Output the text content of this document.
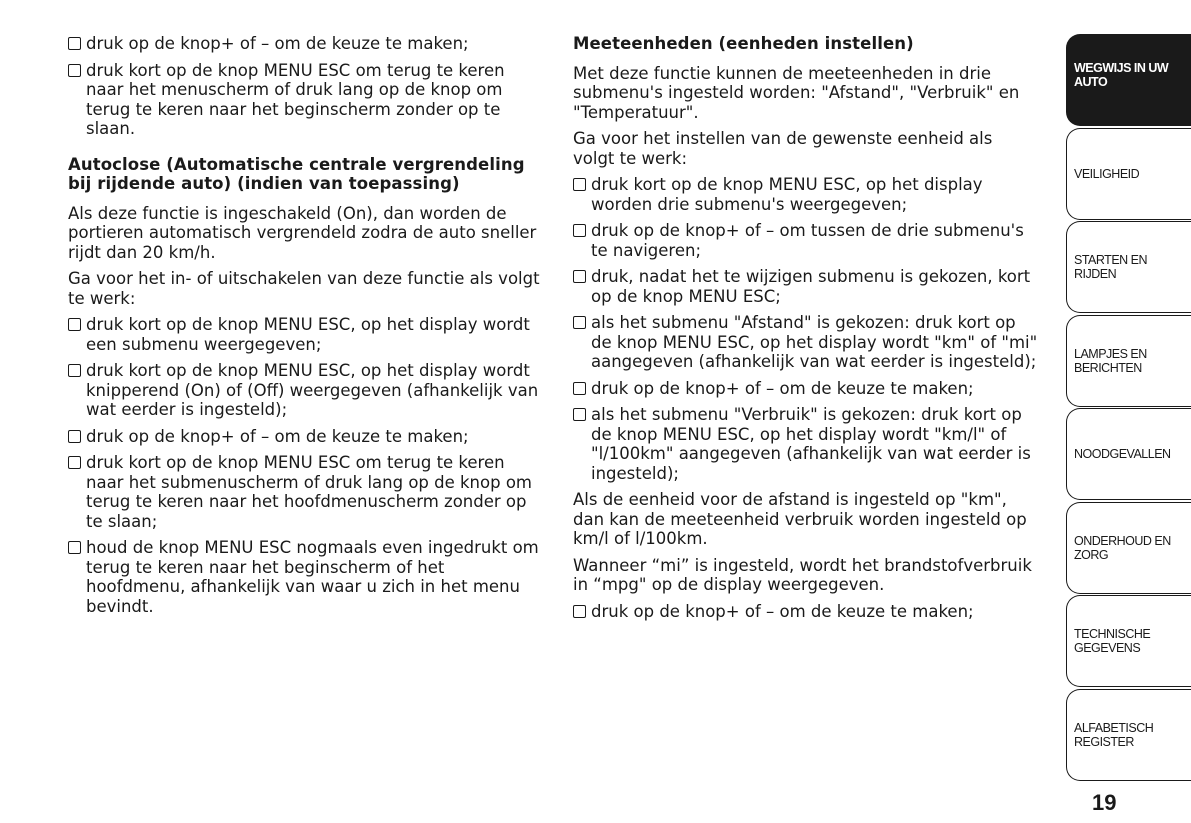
druk op de knop+ of – om de keuze te maken;
druk kort op de knop MENU ESC om terug te keren naar het menuscherm of druk lang op de knop om terug te keren naar het beginscherm zonder op te slaan.
Autoclose (Automatische centrale vergrendeling bij rijdende auto) (indien van toepassing)
Als deze functie is ingeschakeld (On), dan worden de portieren automatisch vergrendeld zodra de auto sneller rijdt dan 20 km/h.
Ga voor het in- of uitschakelen van deze functie als volgt te werk:
druk kort op de knop MENU ESC, op het display wordt een submenu weergegeven;
druk kort op de knop MENU ESC, op het display wordt knipperend (On) of (Off) weergegeven (afhankelijk van wat eerder is ingesteld);
druk op de knop+ of – om de keuze te maken;
druk kort op de knop MENU ESC om terug te keren naar het submenuscherm of druk lang op de knop om terug te keren naar het hoofdmenuscherm zonder op te slaan;
houd de knop MENU ESC nogmaals even ingedrukt om terug te keren naar het beginscherm of het hoofdmenu, afhankelijk van waar u zich in het menu bevindt.
Meeteenheden (eenheden instellen)
Met deze functie kunnen de meeteenheden in drie submenu's ingesteld worden: "Afstand", "Verbruik" en "Temperatuur".
Ga voor het instellen van de gewenste eenheid als volgt te werk:
druk kort op de knop MENU ESC, op het display worden drie submenu's weergegeven;
druk op de knop+ of – om tussen de drie submenu's te navigeren;
druk, nadat het te wijzigen submenu is gekozen, kort op de knop MENU ESC;
als het submenu "Afstand" is gekozen: druk kort op de knop MENU ESC, op het display wordt "km" of "mi" aangegeven (afhankelijk van wat eerder is ingesteld);
druk op de knop+ of – om de keuze te maken;
als het submenu "Verbruik" is gekozen: druk kort op de knop MENU ESC, op het display wordt "km/l" of "l/100km" aangegeven (afhankelijk van wat eerder is ingesteld);
Als de eenheid voor de afstand is ingesteld op "km", dan kan de meeteenheid verbruik worden ingesteld op km/l of l/100km.
Wanneer “mi” is ingesteld, wordt het brandstofverbruik in “mpg" op de display weergegeven.
druk op de knop+ of – om de keuze te maken;
WEGWIJS IN UW AUTO
VEILIGHEID
STARTEN EN RIJDEN
LAMPJES EN BERICHTEN
NOODGEVALLEN
ONDERHOUD EN ZORG
TECHNISCHE GEGEVENS
ALFABETISCH REGISTER
19
